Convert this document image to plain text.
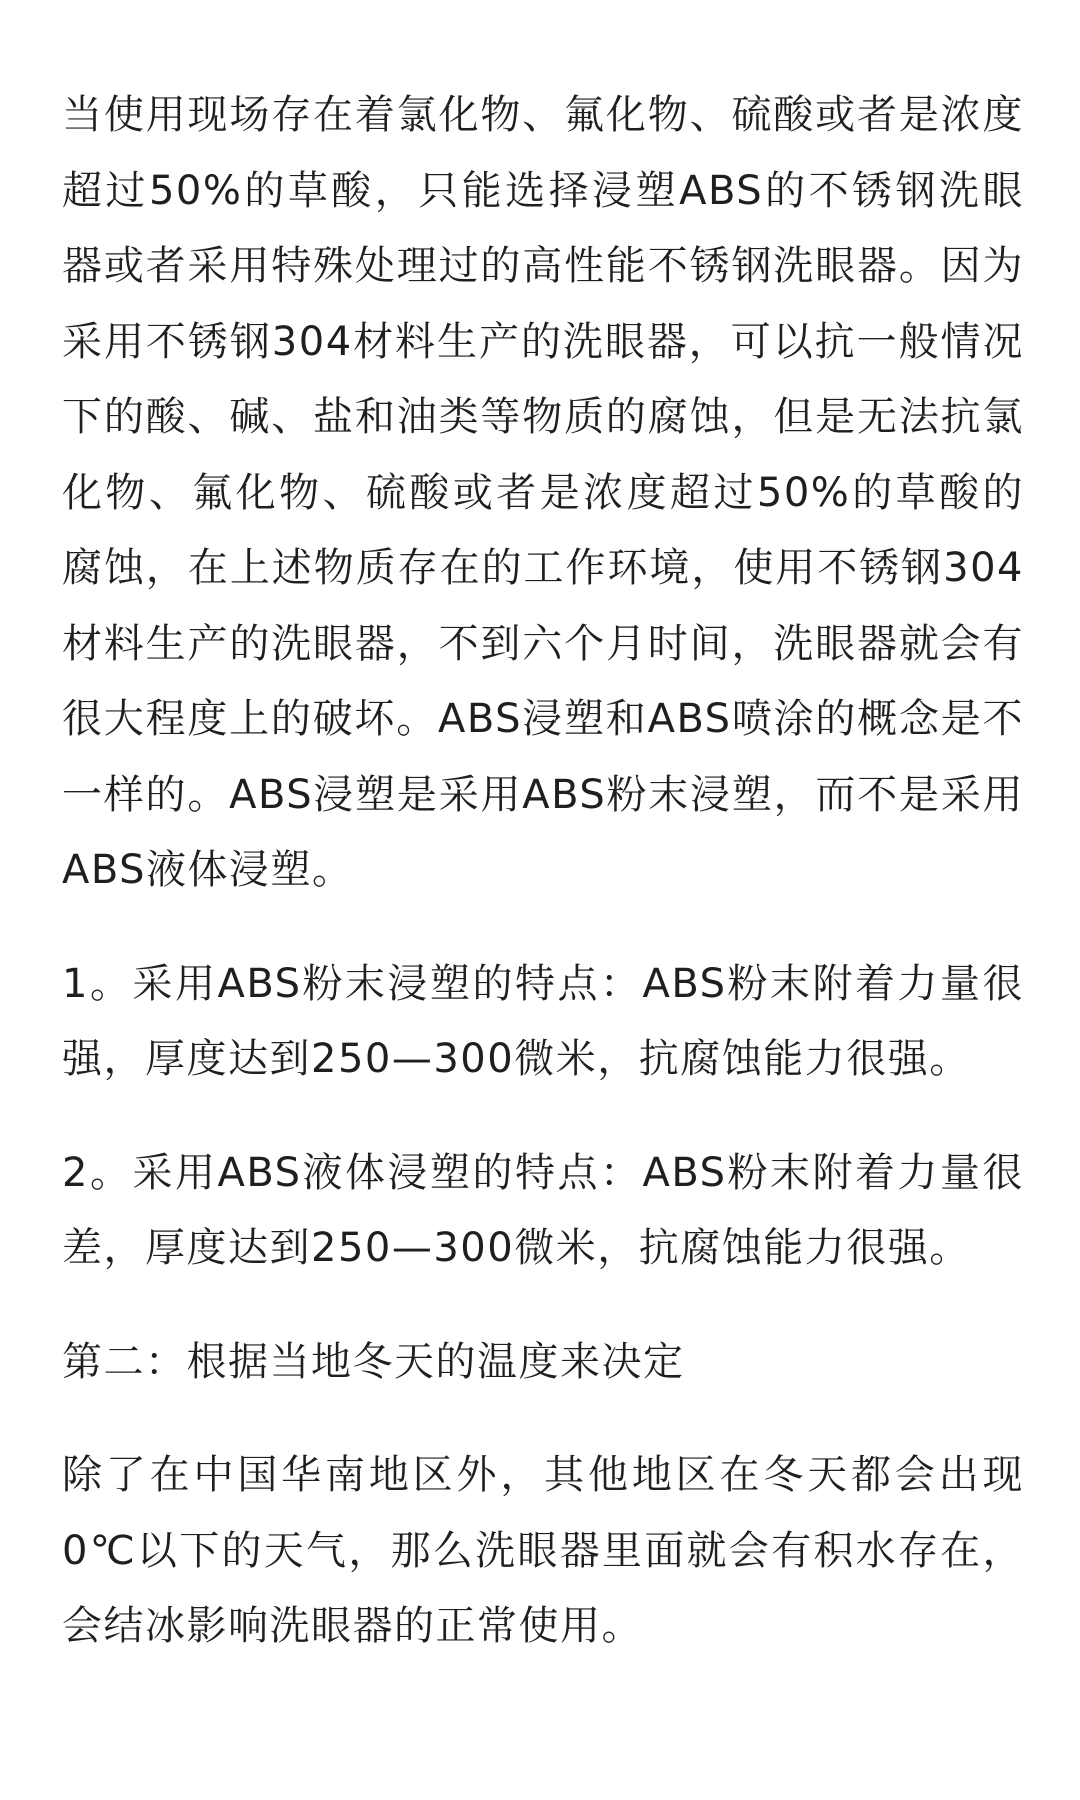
当使用现场存在着氯化物、氟化物、硫酸或者是浓度超过50%的草酸，只能选择浸塑ABS的不锈钢洗眼器或者采用特殊处理过的高性能不锈钢洗眼器。因为采用不锈钢304材料生产的洗眼器，可以抗一般情况下的酸、碱、盐和油类等物质的腐蚀，但是无法抗氯化物、氟化物、硫酸或者是浓度超过50%的草酸的腐蚀，在上述物质存在的工作环境，使用不锈钢304材料生产的洗眼器，不到六个月时间，洗眼器就会有很大程度上的破坏。ABS浸塑和ABS喷涂的概念是不一样的。ABS浸塑是采用ABS粉末浸塑，而不是采用ABS液体浸塑。

1。采用ABS粉末浸塑的特点：ABS粉末附着力量很强，厚度达到250—300微米，抗腐蚀能力很强。

2。采用ABS液体浸塑的特点：ABS粉末附着力量很差，厚度达到250—300微米，抗腐蚀能力很强。

第二：根据当地冬天的温度来决定

除了在中国华南地区外，其他地区在冬天都会出现0℃以下的天气，那么洗眼器里面就会有积水存在，会结冰影响洗眼器的正常使用。
